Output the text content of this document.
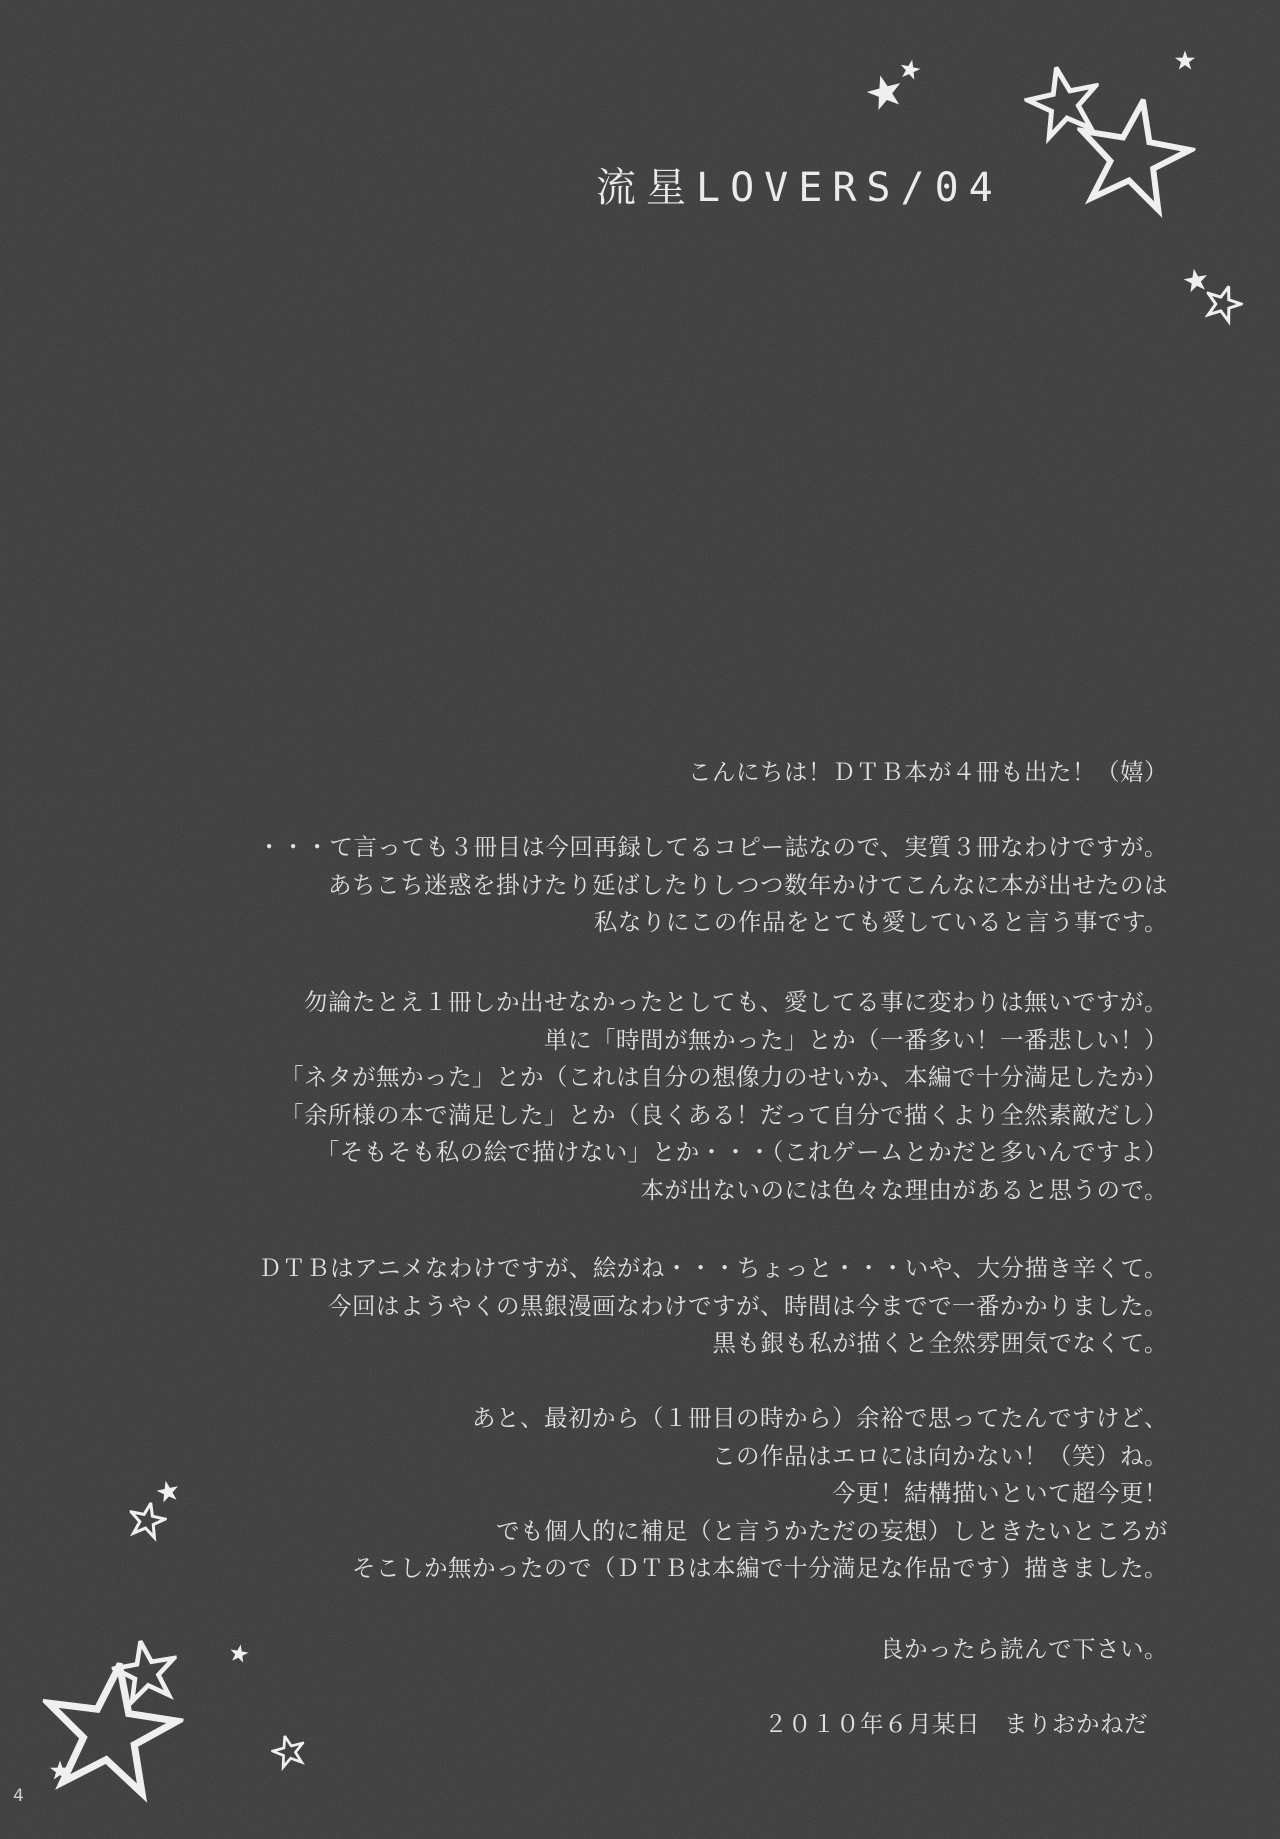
流星LOVERS/04
こんにちは！ＤＴＢ本が４冊も出た！（嬉）
・・・て言っても３冊目は今回再録してるコピー誌なので、実質３冊なわけですが。
あちこち迷惑を掛けたり延ばしたりしつつ数年かけてこんなに本が出せたのは
私なりにこの作品をとても愛していると言う事です。
勿論たとえ１冊しか出せなかったとしても、愛してる事に変わりは無いですが。
単に「時間が無かった」とか（一番多い！一番悲しい！）
「ネタが無かった」とか（これは自分の想像力のせいか、本編で十分満足したか）
「余所様の本で満足した」とか（良くある！だって自分で描くより全然素敵だし）
「そもそも私の絵で描けない」とか・・・（これゲームとかだと多いんですよ）
本が出ないのには色々な理由があると思うので。
ＤＴＢはアニメなわけですが、絵がね・・・ちょっと・・・いや、大分描き辛くて。
今回はようやくの黒銀漫画なわけですが、時間は今までで一番かかりました。
黒も銀も私が描くと全然雰囲気でなくて。
あと、最初から（１冊目の時から）余裕で思ってたんですけど、
この作品はエロには向かない！（笑）ね。
今更！結構描いといて超今更！
でも個人的に補足（と言うかただの妄想）しときたいところが
そこしか無かったので（ＤＴＢは本編で十分満足な作品です）描きました。
良かったら読んで下さい。
２０１０年６月某日　まりおかねだ
4
